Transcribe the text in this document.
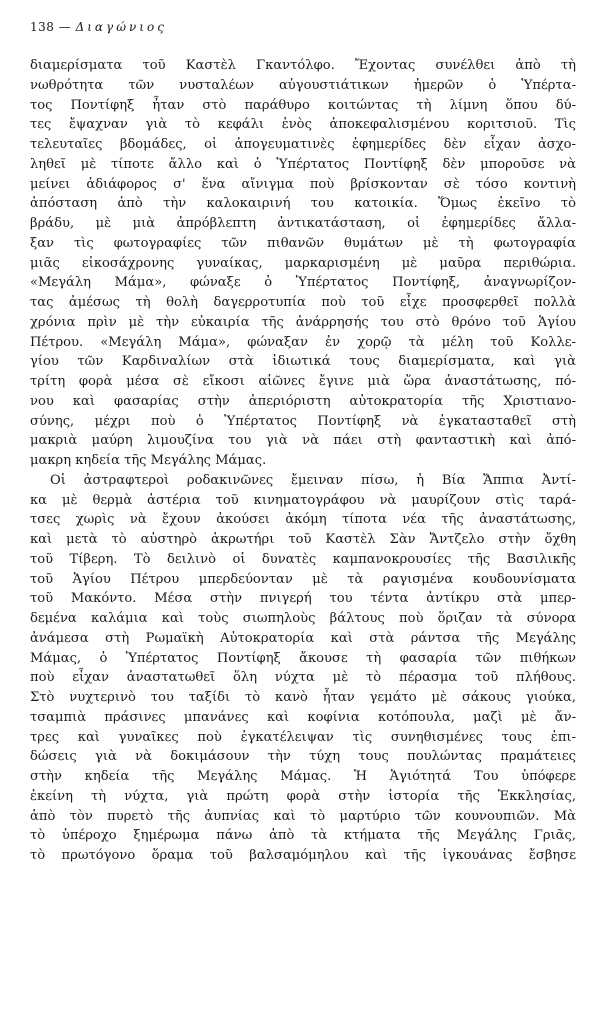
138 — Διαγώνιος
διαμερίσματα τοῦ Καστὲλ Γκαντόλφο. Ἔχοντας συνέλθει ἀπὸ τὴ
νωθρότητα τῶν νυσταλέων αὐγουστιάτικων ἡμερῶν ὁ Ὑπέρτα-
τος Ποντίφηξ ἦταν στὸ παράθυρο κοιτώντας τὴ λίμνη ὅπου δύ-
τες ἔψαχναν γιὰ τὸ κεφάλι ἑνὸς ἀποκεφαλισμένου κοριτσιοῦ. Τὶς
τελευταῖες βδομάδες, οἱ ἀπογευματινὲς ἐφημερίδες δὲν εἶχαν ἀσχο-
ληθεῖ μὲ τίποτε ἄλλο καὶ ὁ Ὑπέρτατος Ποντίφηξ δὲν μποροῦσε νὰ
μείνει ἀδιάφορος σ' ἕνα αἴνιγμα ποὺ βρίσκονταν σὲ τόσο κοντινὴ
ἀπόσταση ἀπὸ τὴν καλοκαιρινή του κατοικία. Ὅμως ἐκεῖνο τὸ
βράδυ, μὲ μιὰ ἀπρόβλεπτη ἀντικατάσταση, οἱ ἐφημερίδες ἄλλα-
ξαν τὶς φωτογραφίες τῶν πιθανῶν θυμάτων μὲ τὴ φωτογραφία
μιᾶς εἰκοσάχρονης γυναίκας, μαρκαρισμένη μὲ μαῦρα περιθώρια.
«Μεγάλη Μάμα», φώναξε ὁ Ὑπέρτατος Ποντίφηξ, ἀναγνωρίζον-
τας ἀμέσως τὴ θολὴ δαγερροτυπία ποὺ τοῦ εἶχε προσφερθεῖ πολλὰ
χρόνια πρὶν μὲ τὴν εὐκαιρία τῆς ἀνάρρησής του στὸ θρόνο τοῦ Ἁγίου
Πέτρου. «Μεγάλη Μάμα», φώναξαν ἐν χορῷ τὰ μέλη τοῦ Κολλε-
γίου τῶν Καρδιναλίων στὰ ἰδιωτικά τους διαμερίσματα, καὶ γιὰ
τρίτη φορὰ μέσα σὲ εἴκοσι αἰῶνες ἔγινε μιὰ ὥρα ἀναστάτωσης, πό-
νου καὶ φασαρίας στὴν ἀπεριόριστη αὐτοκρατορία τῆς Χριστιανο-
σύνης, μέχρι ποὺ ὁ Ὑπέρτατος Ποντίφηξ νὰ ἐγκατασταθεῖ στὴ
μακριὰ μαύρη λιμουζίνα του γιὰ νὰ πάει στὴ φανταστικὴ καὶ ἀπό-
μακρη κηδεία τῆς Μεγάλης Μάμας.
Οἱ ἀστραφτεροὶ ροδακινῶνες ἔμειναν πίσω, ἡ Βία Ἄππια Ἀντί-
κα μὲ θερμὰ ἀστέρια τοῦ κινηματογράφου νὰ μαυρίζουν στὶς ταρά-
τσες χωρὶς νὰ ἔχουν ἀκούσει ἀκόμη τίποτα νέα τῆς ἀναστάτωσης,
καὶ μετὰ τὸ αὐστηρὸ ἀκρωτήρι τοῦ Καστὲλ Σὰν Ἄντζελο στὴν ὄχθη
τοῦ Τίβερη. Τὸ δειλινὸ οἱ δυνατὲς καμπανοκρουσίες τῆς Βασιλικῆς
τοῦ Ἁγίου Πέτρου μπερδεύονταν μὲ τὰ ραγισμένα κουδουνίσματα
τοῦ Μακόντο. Μέσα στὴν πνιγερή του τέντα ἀντίκρυ στὰ μπερ-
δεμένα καλάμια καὶ τοὺς σιωπηλοὺς βάλτους ποὺ ὅριζαν τὰ σύνορα
ἀνάμεσα στὴ Ρωμαϊκὴ Αὐτοκρατορία καὶ στὰ ράντσα τῆς Μεγάλης
Μάμας, ὁ Ὑπέρτατος Ποντίφηξ ἄκουσε τὴ φασαρία τῶν πιθήκων
ποὺ εἶχαν ἀναστατωθεῖ ὅλη νύχτα μὲ τὸ πέρασμα τοῦ πλήθους.
Στὸ νυχτερινὸ του ταξίδι τὸ κανὸ ἦταν γεμάτο μὲ σάκους γιούκα,
τσαμπιὰ πράσινες μπανάνες καὶ κοφίνια κοτόπουλα, μαζὶ μὲ ἄν-
τρες καὶ γυναῖκες ποὺ ἐγκατέλειψαν τὶς συνηθισμένες τους ἐπι-
δώσεις γιὰ νὰ δοκιμάσουν τὴν τύχη τους πουλώντας πραμάτειες
στὴν κηδεία τῆς Μεγάλης Μάμας. Ἡ Ἁγιότητά Του ὑπόφερε
ἐκείνη τὴ νύχτα, γιὰ πρώτη φορὰ στὴν ἱστορία τῆς Ἐκκλησίας,
ἀπὸ τὸν πυρετὸ τῆς ἀυπνίας καὶ τὸ μαρτύριο τῶν κουνουπιῶν. Μὰ
τὸ ὑπέροχο ξημέρωμα πάνω ἀπὸ τὰ κτήματα τῆς Μεγάλης Γριᾶς,
τὸ πρωτόγονο ὅραμα τοῦ βαλσαμόμηλου καὶ τῆς ἰγκουάνας ἔσβησε
